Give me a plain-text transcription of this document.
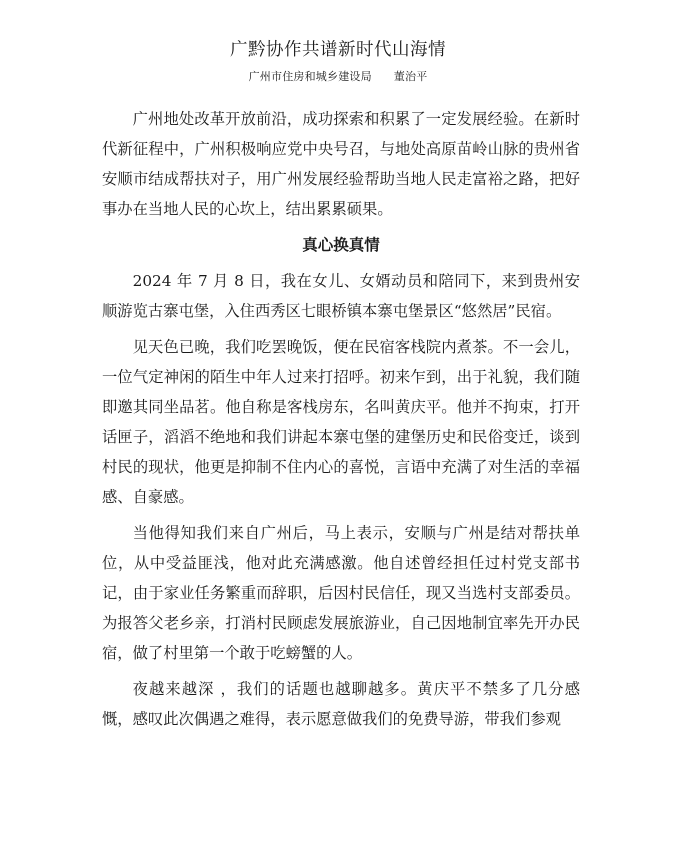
广黔协作共谱新时代山海情
广州市住房和城乡建设局 董治平

广州地处改革开放前沿，成功探索和积累了一定发展经验。在新时代新征程中，广州积极响应党中央号召，与地处高原苗岭山脉的贵州省安顺市结成帮扶对子，用广州发展经验帮助当地人民走富裕之路，把好事办在当地人民的心坎上，结出累累硕果。

真心换真情

2024 年 7 月 8 日，我在女儿、女婿动员和陪同下，来到贵州安顺游览古寨屯堡，入住西秀区七眼桥镇本寨屯堡景区“悠然居”民宿。

见天色已晚，我们吃罢晚饭，便在民宿客栈院内煮茶。不一会儿，一位气定神闲的陌生中年人过来打招呼。初来乍到，出于礼貌，我们随即邀其同坐品茗。他自称是客栈房东，名叫黄庆平。他并不拘束，打开话匣子，滔滔不绝地和我们讲起本寨屯堡的建堡历史和民俗变迁，谈到村民的现状，他更是抑制不住内心的喜悦，言语中充满了对生活的幸福感、自豪感。

当他得知我们来自广州后，马上表示，安顺与广州是结对帮扶单位，从中受益匪浅，他对此充满感激。他自述曾经担任过村党支部书记，由于家业任务繁重而辞职，后因村民信任，现又当选村支部委员。为报答父老乡亲，打消村民顾虑发展旅游业，自己因地制宜率先开办民宿，做了村里第一个敢于吃螃蟹的人。

夜越来越深 ，我们的话题也越聊越多。黄庆平不禁多了几分感慨，感叹此次偶遇之难得，表示愿意做我们的免费导游，带我们参观
